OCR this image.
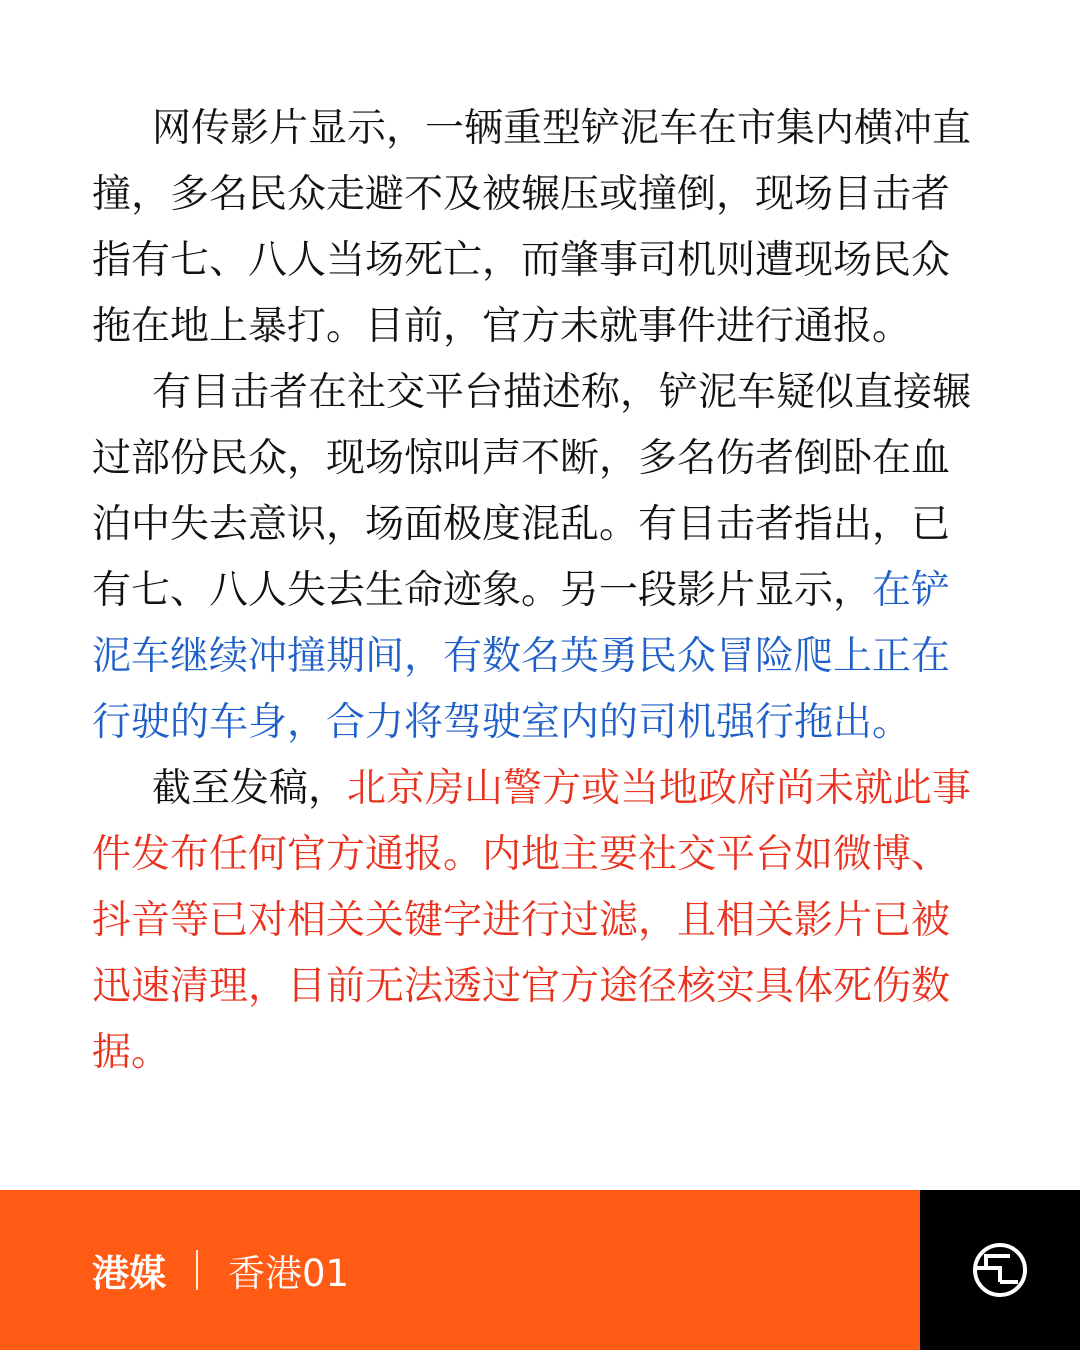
网传影片显示，一辆重型铲泥车在市集内横冲直撞，多名民众走避不及被辗压或撞倒，现场目击者指有七、八人当场死亡，而肇事司机则遭现场民众拖在地上暴打。目前，官方未就事件进行通报。

有目击者在社交平台描述称，铲泥车疑似直接辗过部份民众，现场惊叫声不断，多名伤者倒卧在血泊中失去意识，场面极度混乱。有目击者指出，已有七、八人失去生命迹象。另一段影片显示，在铲泥车继续冲撞期间，有数名英勇民众冒险爬上正在行驶的车身，合力将驾驶室内的司机强行拖出。

截至发稿，北京房山警方或当地政府尚未就此事件发布任何官方通报。内地主要社交平台如微博、抖音等已对相关关键字进行过滤，且相关影片已被迅速清理，目前无法透过官方途径核实具体死伤数据。

港媒 香港01
